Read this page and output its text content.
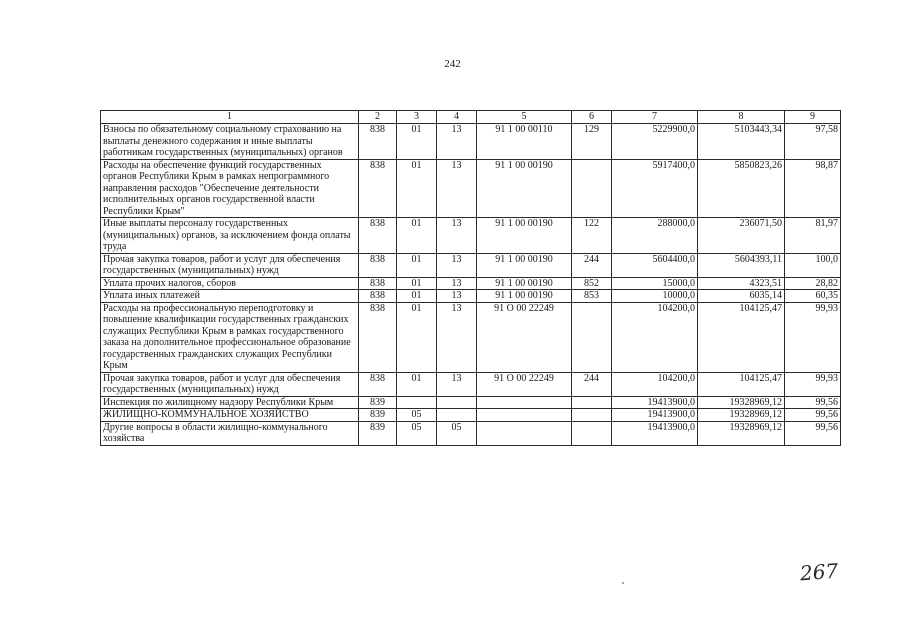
242
1	2	3	4	5	6	7	8	9
Взносы по обязательному социальному страхованию на выплаты денежного содержания и иные выплаты работникам государственных (муниципальных) органов	838	01	13	91 1 00 00110	129	5229900,0	5103443,34	97,58
Расходы на обеспечение функций государственных органов Республики Крым в рамках непрограммного направления расходов "Обеспечение деятельности исполнительных органов государственной власти Республики Крым"	838	01	13	91 1 00 00190		5917400,0	5850823,26	98,87
Иные выплаты персоналу государственных (муниципальных) органов, за исключением фонда оплаты труда	838	01	13	91 1 00 00190	122	288000,0	236071,50	81,97
Прочая закупка товаров, работ и услуг для обеспечения государственных (муниципальных) нужд	838	01	13	91 1 00 00190	244	5604400,0	5604393,11	100,0
Уплата прочих налогов, сборов	838	01	13	91 1 00 00190	852	15000,0	4323,51	28,82
Уплата иных платежей	838	01	13	91 1 00 00190	853	10000,0	6035,14	60,35
Расходы на профессиональную переподготовку и повышение квалификации государственных гражданских служащих Республики Крым в рамках государственного заказа на дополнительное профессиональное образование государственных гражданских служащих Республики Крым	838	01	13	91 О 00 22249		104200,0	104125,47	99,93
Прочая закупка товаров, работ и услуг для обеспечения государственных (муниципальных) нужд	838	01	13	91 О 00 22249	244	104200,0	104125,47	99,93
Инспекция по жилищному надзору Республики Крым	839					19413900,0	19328969,12	99,56
ЖИЛИЩНО-КОММУНАЛЬНОЕ ХОЗЯЙСТВО	839	05				19413900,0	19328969,12	99,56
Другие вопросы в области жилищно-коммунального хозяйства	839	05	05			19413900,0	19328969,12	99,56
267
